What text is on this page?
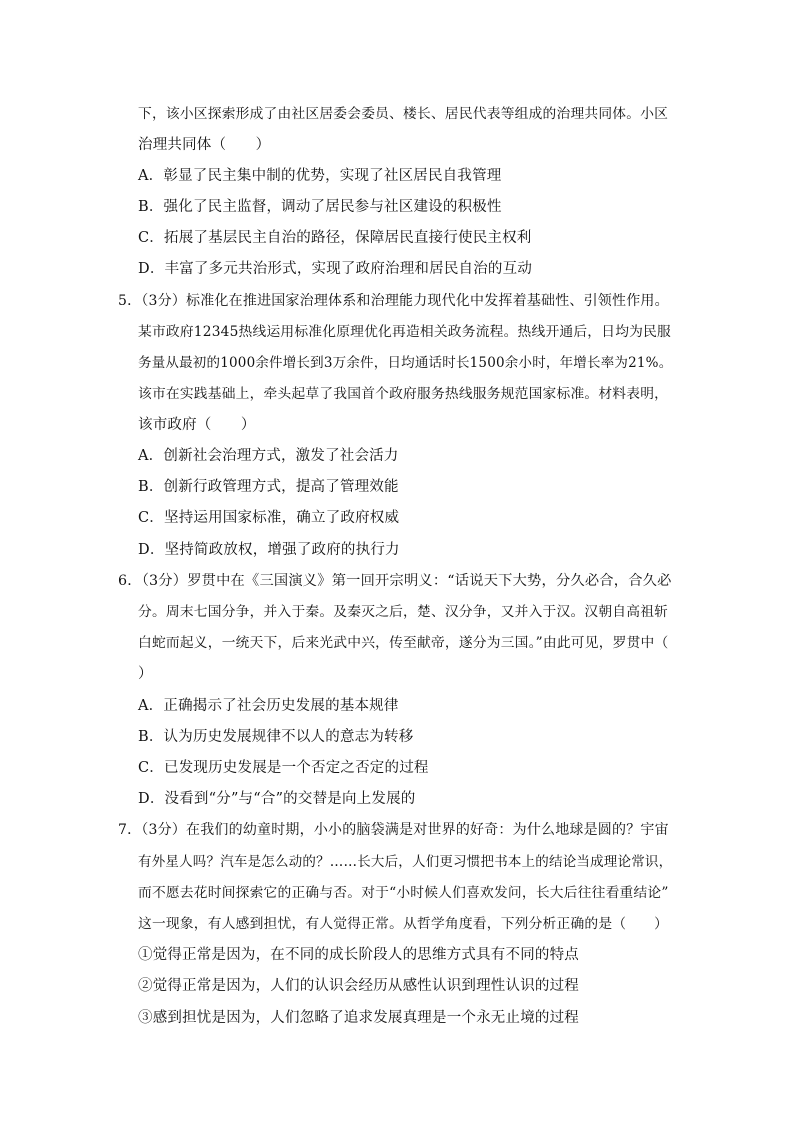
下，该小区探索形成了由社区居委会委员、楼长、居民代表等组成的治理共同体。小区
治理共同体（　　）
A．彰显了民主集中制的优势，实现了社区居民自我管理
B．强化了民主监督，调动了居民参与社区建设的积极性
C．拓展了基层民主自治的路径，保障居民直接行使民主权利
D．丰富了多元共治形式，实现了政府治理和居民自治的互动
5．（3分）标准化在推进国家治理体系和治理能力现代化中发挥着基础性、引领性作用。
某市政府12345热线运用标准化原理优化再造相关政务流程。热线开通后，日均为民服
务量从最初的1000余件增长到3万余件，日均通话时长1500余小时，年增长率为21%。
该市在实践基础上，牵头起草了我国首个政府服务热线服务规范国家标准。材料表明，
该市政府（　　）
A．创新社会治理方式，激发了社会活力
B．创新行政管理方式，提高了管理效能
C．坚持运用国家标准，确立了政府权威
D．坚持简政放权，增强了政府的执行力
6．（3分）罗贯中在《三国演义》第一回开宗明义：“话说天下大势，分久必合，合久必
分。周末七国分争，并入于秦。及秦灭之后，楚、汉分争，又并入于汉。汉朝自高祖斩
白蛇而起义，一统天下，后来光武中兴，传至献帝，遂分为三国。”由此可见，罗贯中（
）
A．正确揭示了社会历史发展的基本规律
B．认为历史发展规律不以人的意志为转移
C．已发现历史发展是一个否定之否定的过程
D．没看到“分”与“合”的交替是向上发展的
7．（3分）在我们的幼童时期，小小的脑袋满是对世界的好奇：为什么地球是圆的？宇宙
有外星人吗？汽车是怎么动的？……长大后，人们更习惯把书本上的结论当成理论常识，
而不愿去花时间探索它的正确与否。对于“小时候人们喜欢发问，长大后往往看重结论”
这一现象，有人感到担忧，有人觉得正常。从哲学角度看，下列分析正确的是（　　）
①觉得正常是因为，在不同的成长阶段人的思维方式具有不同的特点
②觉得正常是因为，人们的认识会经历从感性认识到理性认识的过程
③感到担忧是因为，人们忽略了追求发展真理是一个永无止境的过程
